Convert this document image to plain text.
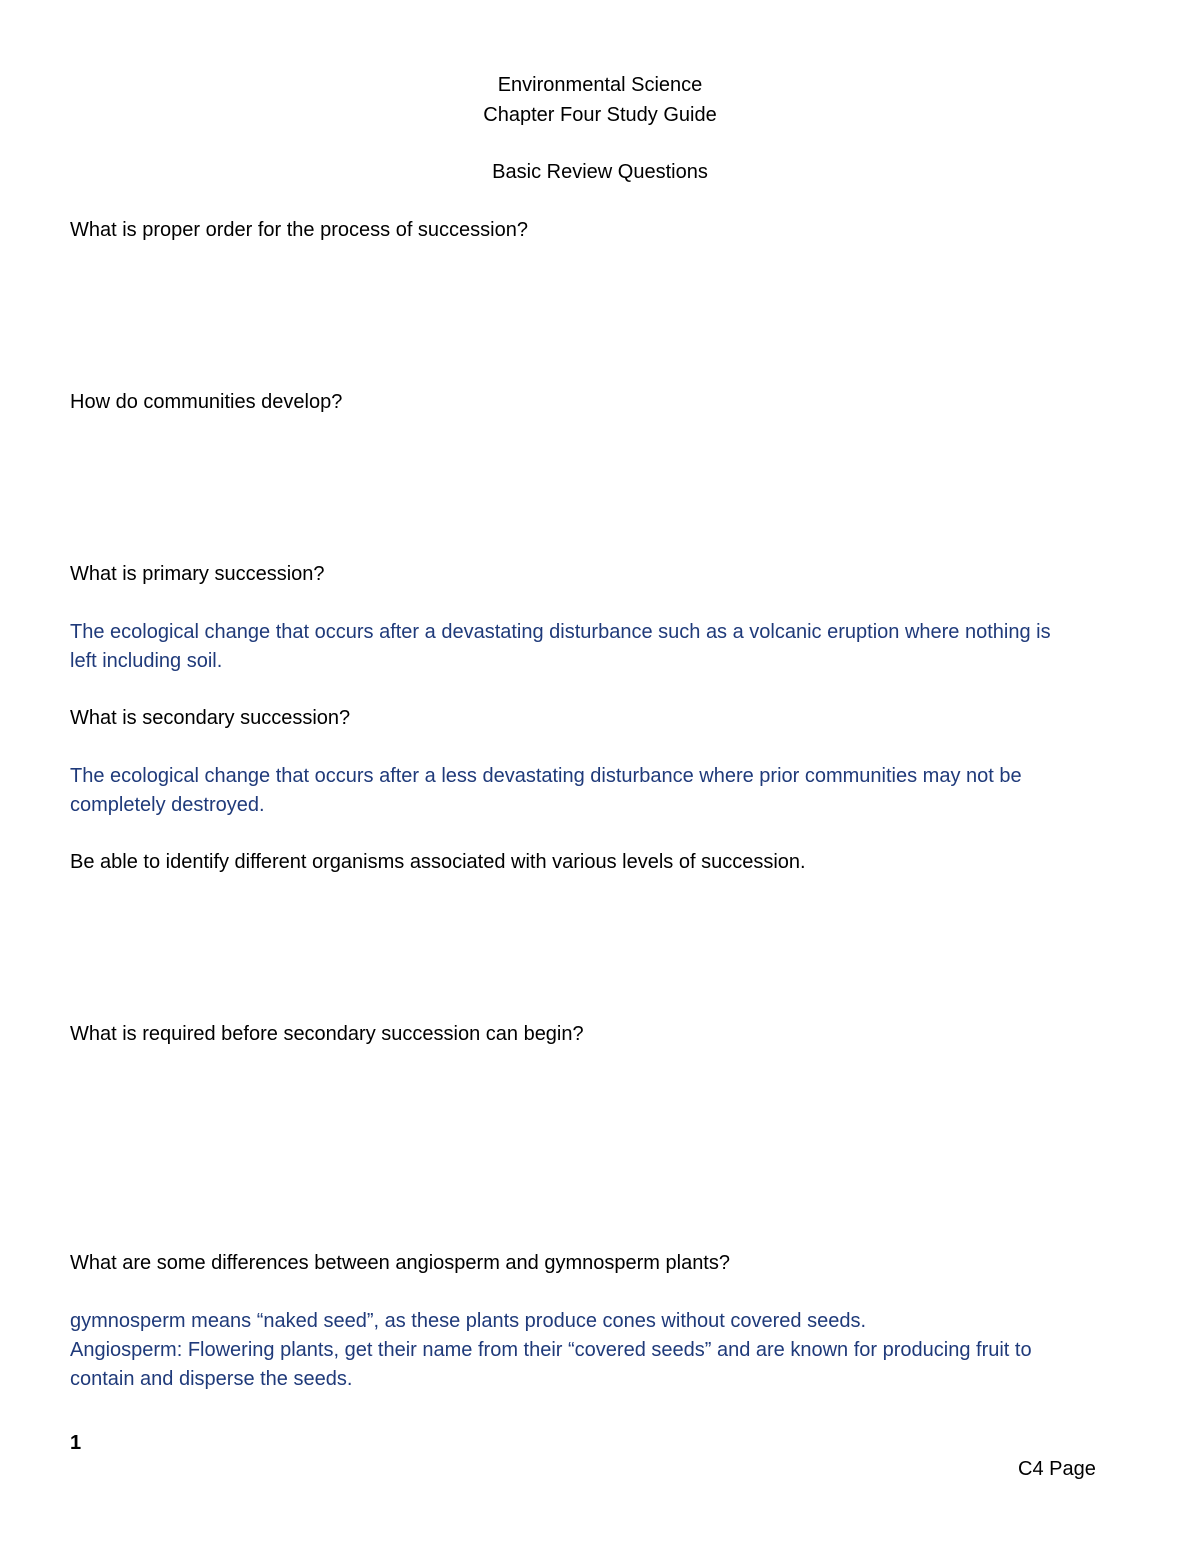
Environmental Science
Chapter Four Study Guide
Basic Review Questions
What is proper order for the process of succession?
How do communities develop?
What is primary succession?
The ecological change that occurs after a devastating disturbance such as a volcanic eruption where nothing is
left including soil.
What is secondary succession?
The ecological change that occurs after a less devastating disturbance where prior communities may not be
completely destroyed.
Be able to identify different organisms associated with various levels of succession.
What is required before secondary succession can begin?
What are some differences between angiosperm and gymnosperm plants?
gymnosperm means “naked seed”, as these plants produce cones without covered seeds.
Angiosperm: Flowering plants, get their name from their “covered seeds” and are known for producing fruit to
contain and disperse the seeds.
1
C4 Page
